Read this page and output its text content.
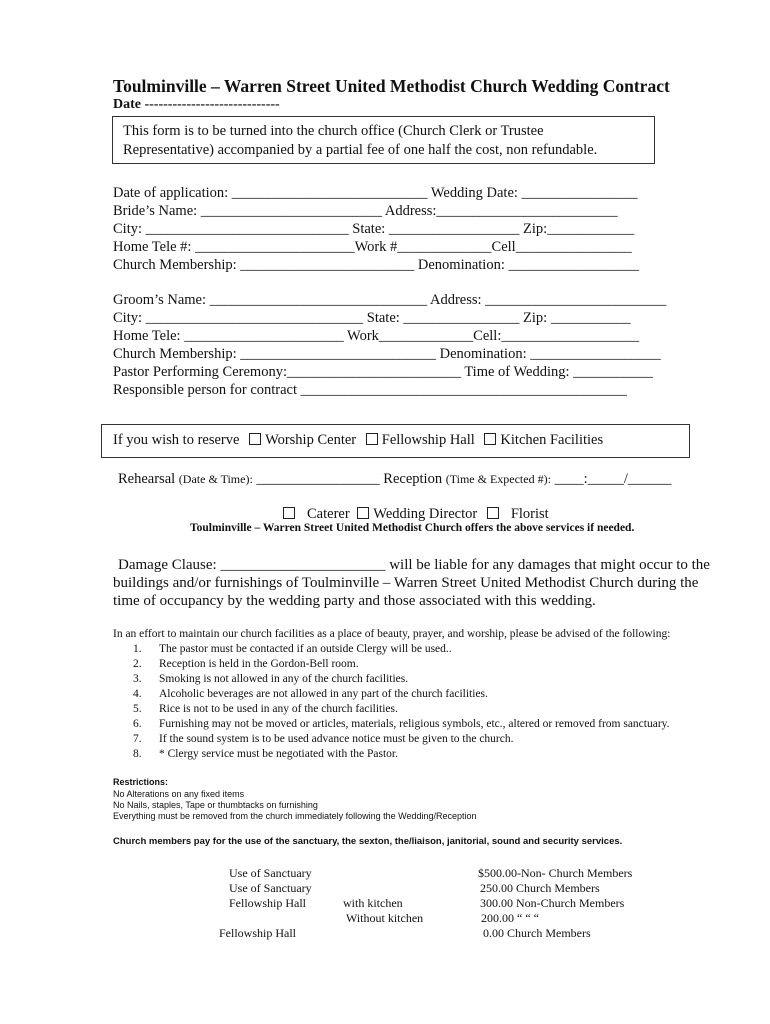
Toulminville – Warren Street United Methodist Church Wedding Contract
Date -----------------------------
This form is to be turned into the church office (Church Clerk or Trustee
Representative) accompanied by a partial fee of one half the cost, non refundable.
Date of application: ___________________________ Wedding Date: ________________
Bride’s Name: _________________________ Address:_________________________
City: ____________________________ State: __________________ Zip:____________
Home Tele #: ______________________Work #_____________Cell________________
Church Membership: ________________________ Denomination: __________________
Groom’s Name: ______________________________ Address: _________________________
City: ______________________________ State: ________________ Zip: ___________
Home Tele: ______________________ Work_____________Cell:___________________
Church Membership: ___________________________ Denomination: __________________
Pastor Performing Ceremony:________________________ Time of Wedding: ___________
Responsible person for contract _____________________________________________
If you wish to reserve Worship Center Fellowship Hall Kitchen Facilities
Rehearsal (Date & Time): _________________ Reception (Time & Expected #): ____:_____/______
Caterer Wedding Director Florist
Toulminville – Warren Street United Methodist Church offers the above services if needed.
Damage Clause: ______________________ will be liable for any damages that might occur to the
buildings and/or furnishings of Toulminville – Warren Street United Methodist Church during the
time of occupancy by the wedding party and those associated with this wedding.
In an effort to maintain our church facilities as a place of beauty, prayer, and worship, please be advised of the following:
1. The pastor must be contacted if an outside Clergy will be used..
2. Reception is held in the Gordon-Bell room.
3. Smoking is not allowed in any of the church facilities.
4. Alcoholic beverages are not allowed in any part of the church facilities.
5. Rice is not to be used in any of the church facilities.
6. Furnishing may not be moved or articles, materials, religious symbols, etc., altered or removed from sanctuary.
7. If the sound system is to be used advance notice must be given to the church.
8. * Clergy service must be negotiated with the Pastor.
Restrictions:
No Alterations on any fixed items
No Nails, staples, Tape or thumbtacks on furnishing
Everything must be removed from the church immediately following the Wedding/Reception
Church members pay for the use of the sanctuary, the sexton, the/liaison, janitorial, sound and security services.
Use of Sanctuary
Use of Sanctuary
Fellowship Hall
Fellowship Hall
with kitchen
Without kitchen
$500.00-Non- Church Members
250.00 Church Members
300.00 Non-Church Members
200.00 “ “ “
0.00 Church Members
